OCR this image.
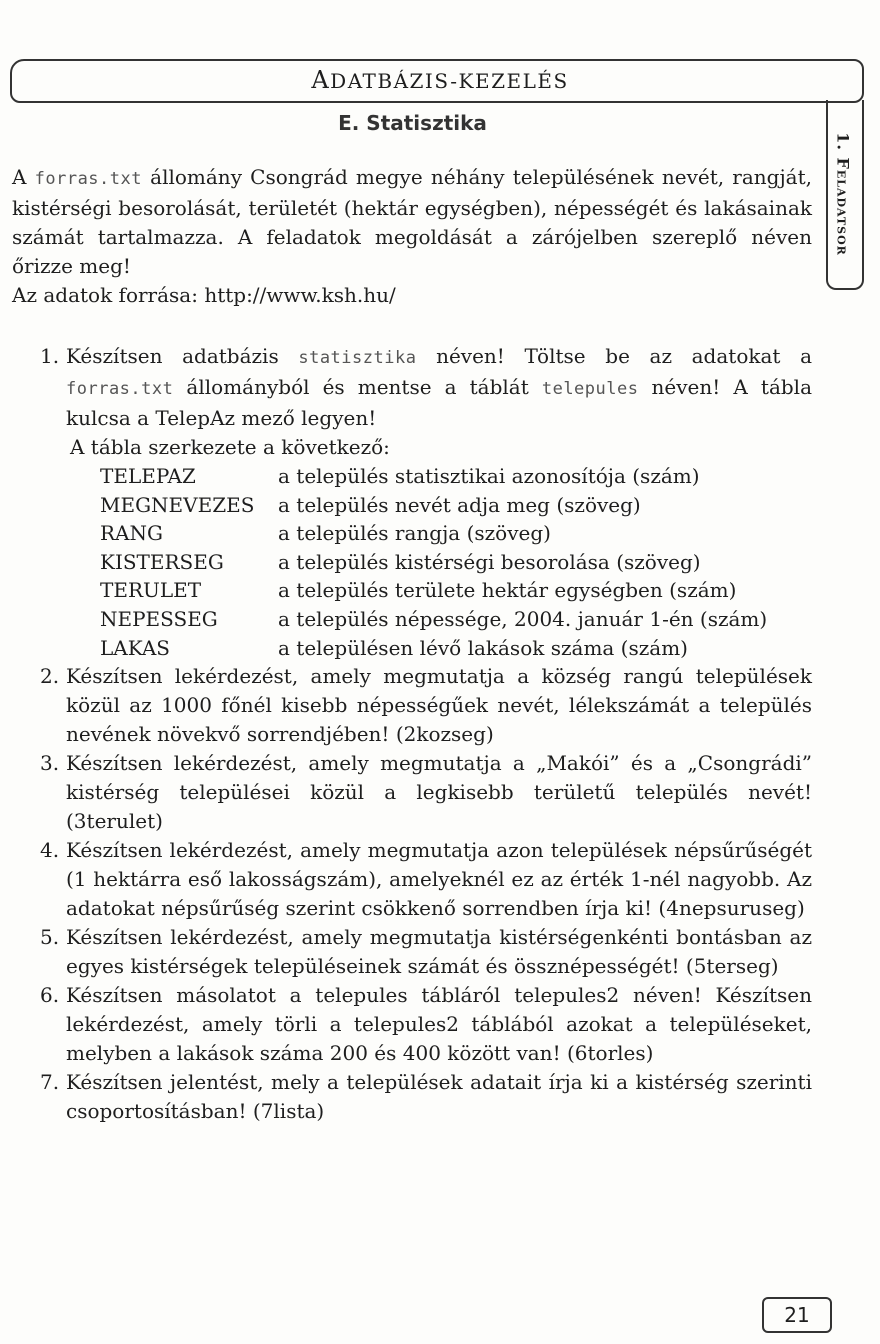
ADATBÁZIS-KEZELÉS
E. Statisztika
1. Feladatsor

A forras.txt állomány Csongrád megye néhány településének nevét, rangját, kistérségi besorolását, területét (hektár egységben), népességét és lakásainak számát tartalmazza. A feladatok megoldását a zárójelben szereplő néven őrizze meg!

Az adatok forrása: http://www.ksh.hu/

1. Készítsen adatbázis statisztika néven! Töltse be az adatokat a forras.txt állományból és mentse a táblát telepules néven! A tábla kulcsa a TelepAz mező legyen!
A tábla szerkezete a következő:
TELEPAZ	a település statisztikai azonosítója (szám)
MEGNEVEZES	a település nevét adja meg (szöveg)
RANG	a település rangja (szöveg)
KISTERSEG	a település kistérségi besorolása (szöveg)
TERULET	a település területe hektár egységben (szám)
NEPESSEG	a település népessége, 2004. január 1-én (szám)
LAKAS	a településen lévő lakások száma (szám)
2. Készítsen lekérdezést, amely megmutatja a község rangú települések közül az 1000 főnél kisebb népességűek nevét, lélekszámát a település nevének növekvő sorrendjében! (2kozseg)
3. Készítsen lekérdezést, amely megmutatja a „Makói” és a „Csongrádi” kistérség települései közül a legkisebb területű település nevét! (3terulet)
4. Készítsen lekérdezést, amely megmutatja azon települések népsűrűségét (1 hektárra eső lakosságszám), amelyeknél ez az érték 1-nél nagyobb. Az adatokat népsűrűség szerint csökkenő sorrendben írja ki! (4nepsuruseg)
5. Készítsen lekérdezést, amely megmutatja kistérségenkénti bontásban az egyes kistérségek településeinek számát és össznépességét! (5terseg)
6. Készítsen másolatot a telepules tábláról telepules2 néven! Készítsen lekérdezést, amely törli a telepules2 táblából azokat a településeket, melyben a lakások száma 200 és 400 között van! (6torles)
7. Készítsen jelentést, mely a települések adatait írja ki a kistérség szerinti csoportosításban! (7lista)
21
